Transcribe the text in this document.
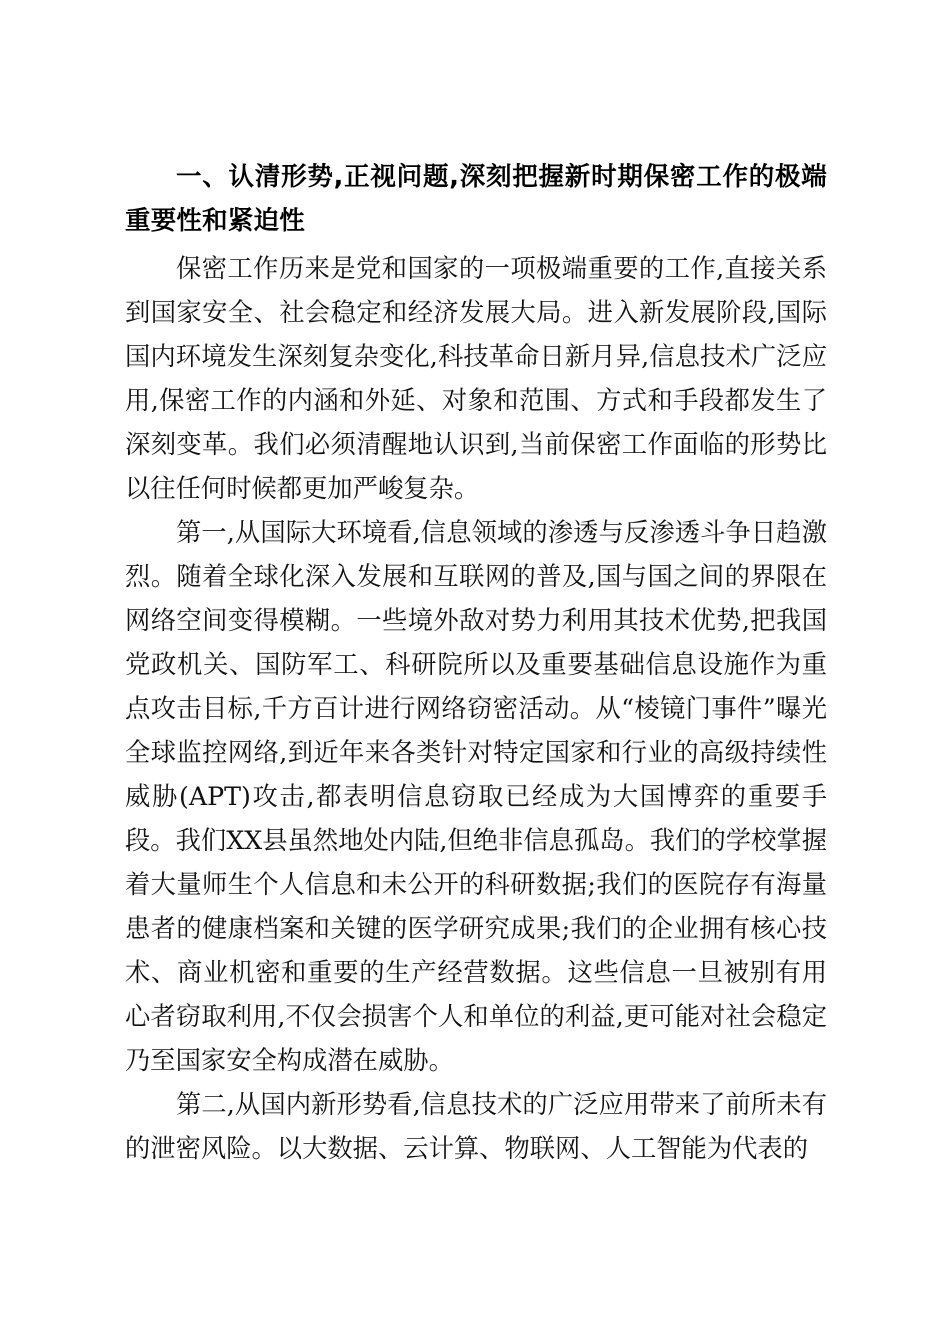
一、认清形势,正视问题,深刻把握新时期保密工作的极端重要性和紧迫性

保密工作历来是党和国家的一项极端重要的工作,直接关系到国家安全、社会稳定和经济发展大局。进入新发展阶段,国际国内环境发生深刻复杂变化,科技革命日新月异,信息技术广泛应用,保密工作的内涵和外延、对象和范围、方式和手段都发生了深刻变革。我们必须清醒地认识到,当前保密工作面临的形势比以往任何时候都更加严峻复杂。

第一,从国际大环境看,信息领域的渗透与反渗透斗争日趋激烈。随着全球化深入发展和互联网的普及,国与国之间的界限在网络空间变得模糊。一些境外敌对势力利用其技术优势,把我国党政机关、国防军工、科研院所以及重要基础信息设施作为重点攻击目标,千方百计进行网络窃密活动。从“棱镜门事件”曝光全球监控网络,到近年来各类针对特定国家和行业的高级持续性威胁(APT)攻击,都表明信息窃取已经成为大国博弈的重要手段。我们XX县虽然地处内陆,但绝非信息孤岛。我们的学校掌握着大量师生个人信息和未公开的科研数据;我们的医院存有海量患者的健康档案和关键的医学研究成果;我们的企业拥有核心技术、商业机密和重要的生产经营数据。这些信息一旦被别有用心者窃取利用,不仅会损害个人和单位的利益,更可能对社会稳定乃至国家安全构成潜在威胁。

第二,从国内新形势看,信息技术的广泛应用带来了前所未有的泄密风险。以大数据、云计算、物联网、人工智能为代表的
